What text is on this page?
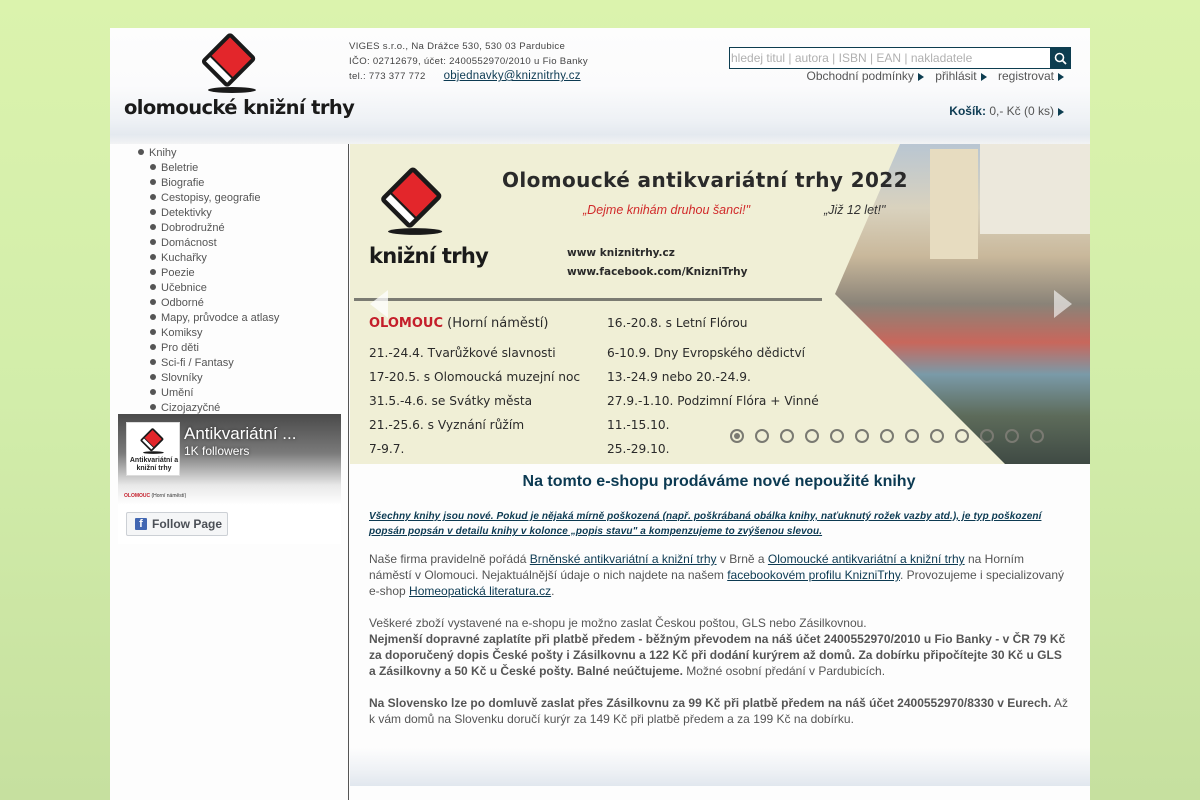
olomoucké knižní trhy
VIGES s.r.o., Na Drážce 530, 530 03 Pardubice
IČO: 02712679, účet: 2400552970/2010 u Fio Banky
tel.: 773 377 772 objednavky@kniznitrhy.cz
hledej titul | autora | ISBN | EAN | nakladatele	Obchodní podmínky přihlásit registrovat
Košík: 0,- Kč (0 ks)
Knihy
Beletrie
Biografie
Cestopisy, geografie
Detektivky
Dobrodružné
Domácnost
Kuchařky
Poezie
Učebnice
Odborné
Mapy, průvodce a atlasy
Komiksy
Pro děti
Sci-fi / Fantasy
Slovníky
Umění
Cizojazyčné
OLOMOUC (Horní náměstí)
Antikvariátní a knižní trhy
Antikvariátní ...
1K followers
f Follow Page
knižní trhy
Olomoucké antikvariátní trhy 2022
„Dejme knihám druhou šanci!"	„Již 12 let!"
www kniznitrhy.cz
www.facebook.com/KnizniTrhy
OLOMOUC (Horní náměstí)
21.-24.4. Tvarůžkové slavnosti
17-20.5. s Olomoucká muzejní noc
31.5.-4.6. se Svátky města
21.-25.6. s Vyznání růžím
7-9.7.
16.-20.8. s Letní Flórou
6-10.9. Dny Evropského dědictví
13.-24.9 nebo 20.-24.9.
27.9.-1.10. Podzimní Flóra + Vinné
11.-15.10.
25.-29.10.
Na tomto e-shopu prodáváme nové nepoužité knihy
Všechny knihy jsou nové. Pokud je nějaká mírně poškozená (např. poškrábaná obálka knihy, naťuknutý rožek vazby atd.), je typ poškození popsán popsán v detailu knihy v kolonce „popis stavu" a kompenzujeme to zvýšenou slevou.

Naše firma pravidelně pořádá Brněnské antikvariátní a knižní trhy v Brně a Olomoucké antikvariátní a knižní trhy na Horním náměstí v Olomouci. Nejaktuálnější údaje o nich najdete na našem facebookovém profilu KnizniTrhy. Provozujeme i specializovaný e-shop Homeopatická literatura.cz.

Veškeré zboží vystavené na e-shopu je možno zaslat Českou poštou, GLS nebo Zásilkovnou.
Nejmenší dopravné zaplatíte při platbě předem - běžným převodem na náš účet 2400552970/2010 u Fio Banky - v ČR 79 Kč za doporučený dopis České pošty i Zásilkovnu a 122 Kč při dodání kurýrem až domů. Za dobírku připočítejte 30 Kč u GLS a Zásilkovny a 50 Kč u České pošty. Balné neúčtujeme. Možné osobní předání v Pardubicích.

Na Slovensko lze po domluvě zaslat přes Zásilkovnu za 99 Kč při platbě předem na náš účet 2400552970/8330 v Eurech. Až k vám domů na Slovenku doručí kurýr za 149 Kč při platbě předem a za 199 Kč na dobírku.
